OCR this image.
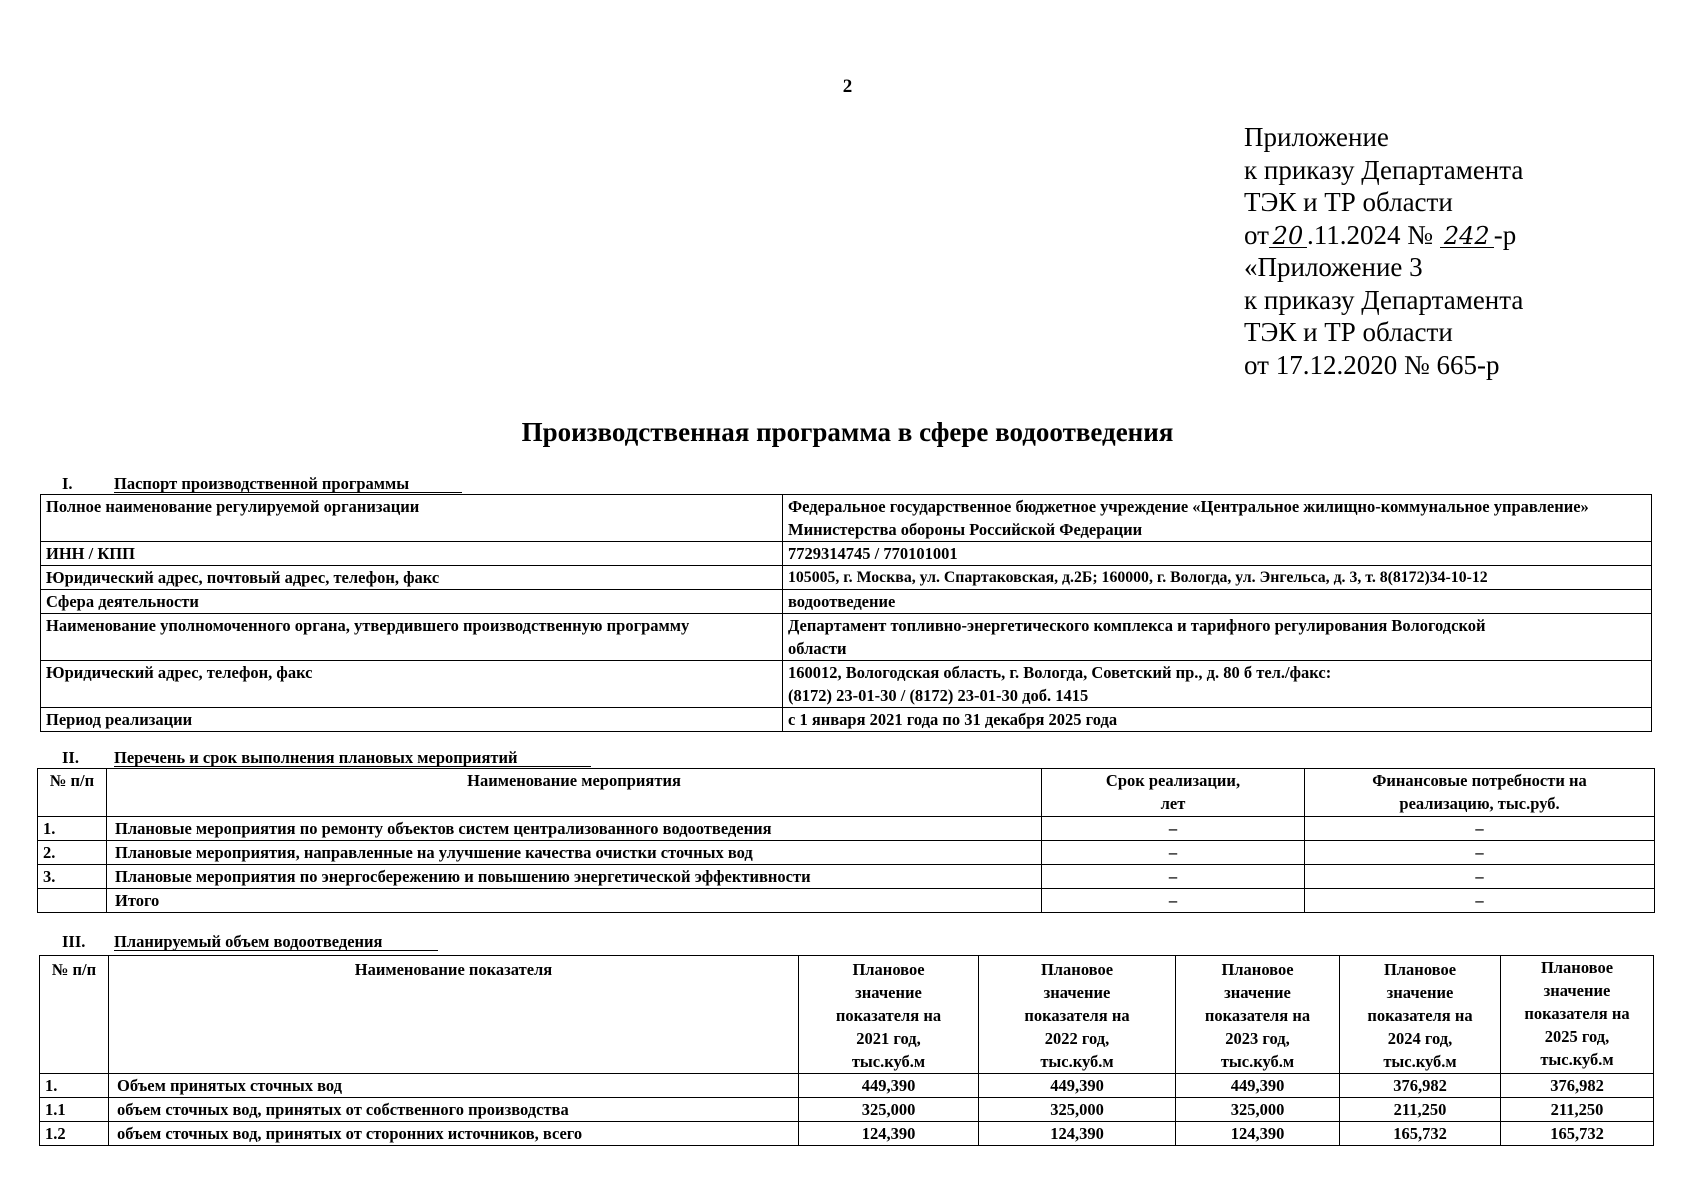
2
Приложение
к приказу Департамента
ТЭК и ТР области
от 20 .11.2024 № 242 -р
«Приложение 3
к приказу Департамента
ТЭК и ТР области
от 17.12.2020 № 665-р
Производственная программа в сфере водоотведения
I.	Паспорт производственной программы
Полное наименование регулируемой организации	Федеральное государственное бюджетное учреждение «Центральное жилищно-коммунальное управление» Министерства обороны Российской Федерации
ИНН / КПП	7729314745 / 770101001
Юридический адрес, почтовый адрес, телефон, факс	105005, г. Москва, ул. Спартаковская, д.2Б; 160000, г. Вологда, ул. Энгельса, д. 3, т. 8(8172)34-10-12
Сфера деятельности	водоотведение
Наименование уполномоченного органа, утвердившего производственную программу	Департамент топливно-энергетического комплекса и тарифного регулирования Вологодской области
Юридический адрес, телефон, факс	160012, Вологодская область, г. Вологда, Советский пр., д. 80 б тел./факс: (8172) 23-01-30 / (8172) 23-01-30 доб. 1415
Период реализации	с 1 января 2021 года по 31 декабря 2025 года
II. Перечень и срок выполнения плановых мероприятий
№ п/п	Наименование мероприятия	Срок реализации, лет	Финансовые потребности на реализацию, тыс.руб.
1.	Плановые мероприятия по ремонту объектов систем централизованного водоотведения	–	–
2.	Плановые мероприятия, направленные на улучшение качества очистки сточных вод	–	–
3.	Плановые мероприятия по энергосбережению и повышению энергетической эффективности	–	–
	Итого	–	–
III. Планируемый объем водоотведения
№ п/п	Наименование показателя	Плановое значение показателя на 2021 год, тыс.куб.м	Плановое значение показателя на 2022 год, тыс.куб.м	Плановое значение показателя на 2023 год, тыс.куб.м	Плановое значение показателя на 2024 год, тыс.куб.м	Плановое значение показателя на 2025 год, тыс.куб.м
1.	Объем принятых сточных вод	449,390	449,390	449,390	376,982	376,982
1.1	объем сточных вод, принятых от собственного производства	325,000	325,000	325,000	211,250	211,250
1.2	объем сточных вод, принятых от сторонних источников, всего	124,390	124,390	124,390	165,732	165,732
